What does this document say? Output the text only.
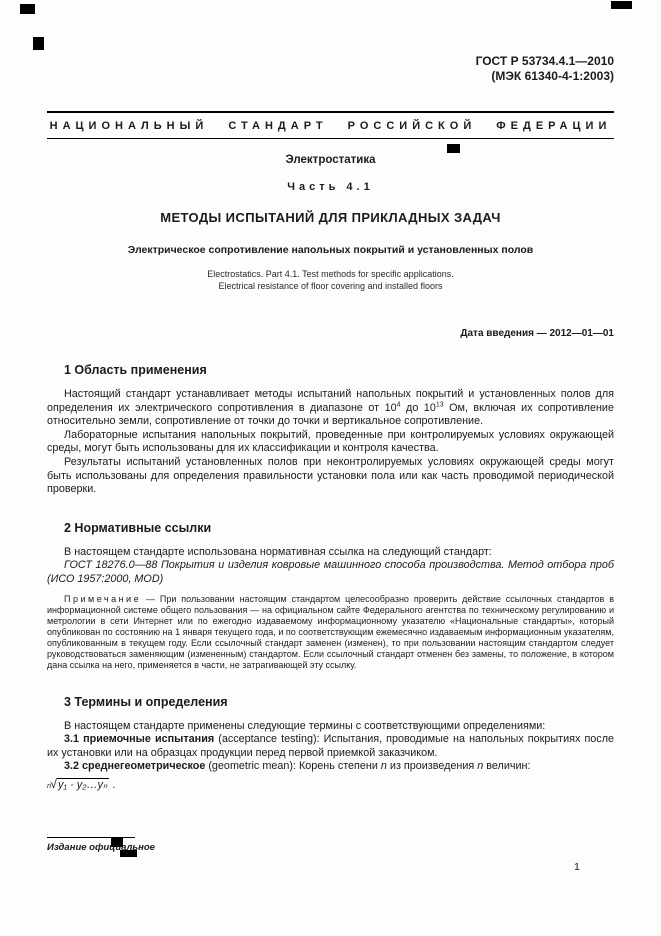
ГОСТ Р 53734.4.1—2010
(МЭК 61340-4-1:2003)
НАЦИОНАЛЬНЫЙ СТАНДАРТ РОССИЙСКОЙ ФЕДЕРАЦИИ
Электростатика
Часть 4.1
МЕТОДЫ ИСПЫТАНИЙ ДЛЯ ПРИКЛАДНЫХ ЗАДАЧ
Электрическое сопротивление напольных покрытий и установленных полов
Electrostatics. Part 4.1. Test methods for specific applications.
Electrical resistance of floor covering and installed floors
Дата введения — 2012—01—01
1 Область применения

Настоящий стандарт устанавливает методы испытаний напольных покрытий и установленных полов для определения их электрического сопротивления в диапазоне от $10^4$ до $10^{13}$ Ом, включая их сопротивление относительно земли, сопротивление от точки до точки и вертикальное сопротивление.

Лабораторные испытания напольных покрытий, проведенные при контролируемых условиях окружающей среды, могут быть использованы для их классификации и контроля качества.

Результаты испытаний установленных полов при неконтролируемых условиях окружающей среды могут быть использованы для определения правильности установки пола или как часть проводимой периодической проверки.

2 Нормативные ссылки

В настоящем стандарте использована нормативная ссылка на следующий стандарт:

ГОСТ 18276.0—88 Покрытия и изделия ковровые машинного способа производства. Метод отбора проб (ИСО 1957:2000, MOD)

Примечание — При пользовании настоящим стандартом целесообразно проверить действие ссылочных стандартов в информационной системе общего пользования — на официальном сайте Федерального агентства по техническому регулированию и метрологии в сети Интернет или по ежегодно издаваемому информационному указателю «Национальные стандарты», который опубликован по состоянию на 1 января текущего года, и по соответствующим ежемесячно издаваемым информационным указателям, опубликованным в текущем году. Если ссылочный стандарт заменен (изменен), то при пользовании настоящим стандартом следует руководствоваться заменяющим (измененным) стандартом. Если ссылочный стандарт отменен без замены, то положение, в котором дана ссылка на него, применяется в части, не затрагивающей эту ссылку.

3 Термины и определения

В настоящем стандарте применены следующие термины с соответствующими определениями:

3.1 приемочные испытания (acceptance testing): Испытания, проводимые на напольных покрытиях после их установки или на образцах продукции перед первой приемкой заказчиком.

3.2 среднегеометрическое (geometric mean): Корень степени n из произведения n величин:

n√y₁ · y₂…yₙ .
Издание официальное
1
